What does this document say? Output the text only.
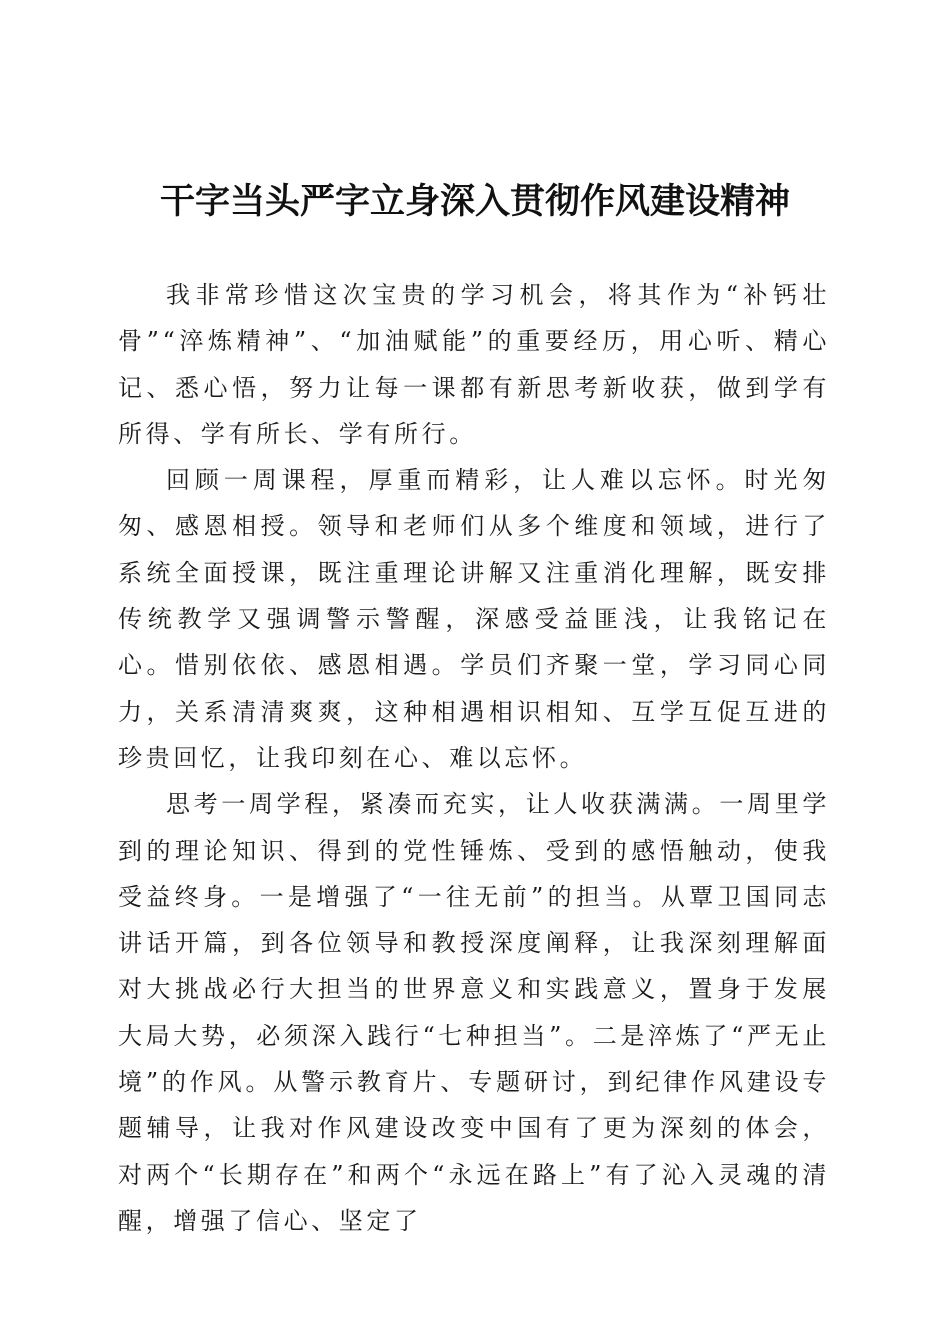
干字当头严字立身深入贯彻作风建设精神

我非常珍惜这次宝贵的学习机会，将其作为“补钙壮骨”“淬炼精神”、“加油赋能”的重要经历，用心听、精心记、悉心悟，努力让每一课都有新思考新收获，做到学有所得、学有所长、学有所行。

回顾一周课程，厚重而精彩，让人难以忘怀。时光匆匆、感恩相授。领导和老师们从多个维度和领域，进行了系统全面授课，既注重理论讲解又注重消化理解，既安排传统教学又强调警示警醒，深感受益匪浅，让我铭记在心。惜别依依、感恩相遇。学员们齐聚一堂，学习同心同力，关系清清爽爽，这种相遇相识相知、互学互促互进的珍贵回忆，让我印刻在心、难以忘怀。

思考一周学程，紧凑而充实，让人收获满满。一周里学到的理论知识、得到的党性锤炼、受到的感悟触动，使我受益终身。一是增强了“一往无前”的担当。从覃卫国同志讲话开篇，到各位领导和教授深度阐释，让我深刻理解面对大挑战必行大担当的世界意义和实践意义，置身于发展大局大势，必须深入践行“七种担当”。二是淬炼了“严无止境”的作风。从警示教育片、专题研讨，到纪律作风建设专题辅导，让我对作风建设改变中国有了更为深刻的体会，对两个“长期存在”和两个“永远在路上”有了沁入灵魂的清醒，增强了信心、坚定了
